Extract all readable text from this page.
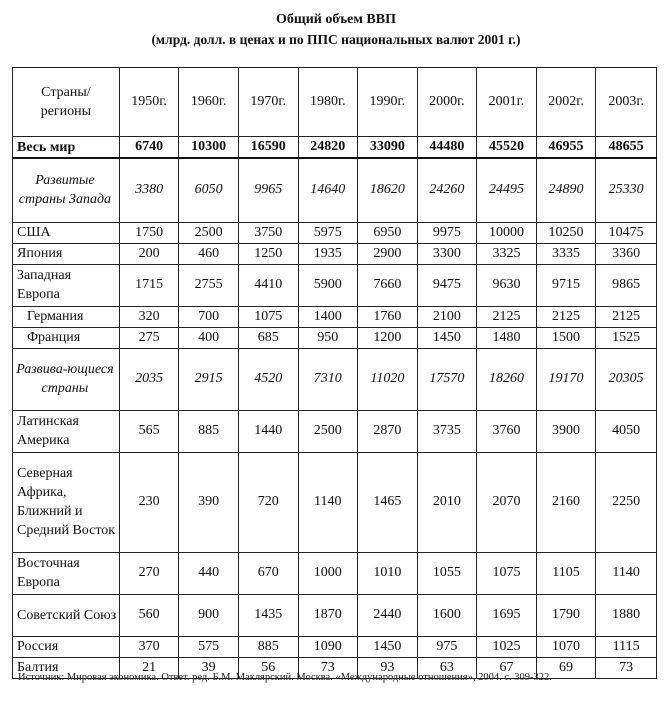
Общий объем ВВП
(млрд. долл. в ценах и по ППС национальных валют 2001 г.)
Страны/ регионы	1950г.	1960г.	1970г.	1980г.	1990г.	2000г.	2001г.	2002г.	2003г.
Весь мир	6740	10300	16590	24820	33090	44480	45520	46955	48655
Развитые страны Запада	3380	6050	9965	14640	18620	24260	24495	24890	25330
США	1750	2500	3750	5975	6950	9975	10000	10250	10475
Япония	200	460	1250	1935	2900	3300	3325	3335	3360
Западная Европа	1715	2755	4410	5900	7660	9475	9630	9715	9865
Германия	320	700	1075	1400	1760	2100	2125	2125	2125
Франция	275	400	685	950	1200	1450	1480	1500	1525
Развива-ющиеся страны	2035	2915	4520	7310	11020	17570	18260	19170	20305
Латинская Америка	565	885	1440	2500	2870	3735	3760	3900	4050
Северная Африка, Ближний и Средний Восток	230	390	720	1140	1465	2010	2070	2160	2250
Восточная Европа	270	440	670	1000	1010	1055	1075	1105	1140
Советский Союз	560	900	1435	1870	2440	1600	1695	1790	1880
Россия	370	575	885	1090	1450	975	1025	1070	1115
Балтия	21	39	56	73	93	63	67	69	73
Источник: Мировая экономика. Ответ. ред. Б.М. Маклярский. Москва. «Международные отношения», 2004. с. 309-322.
